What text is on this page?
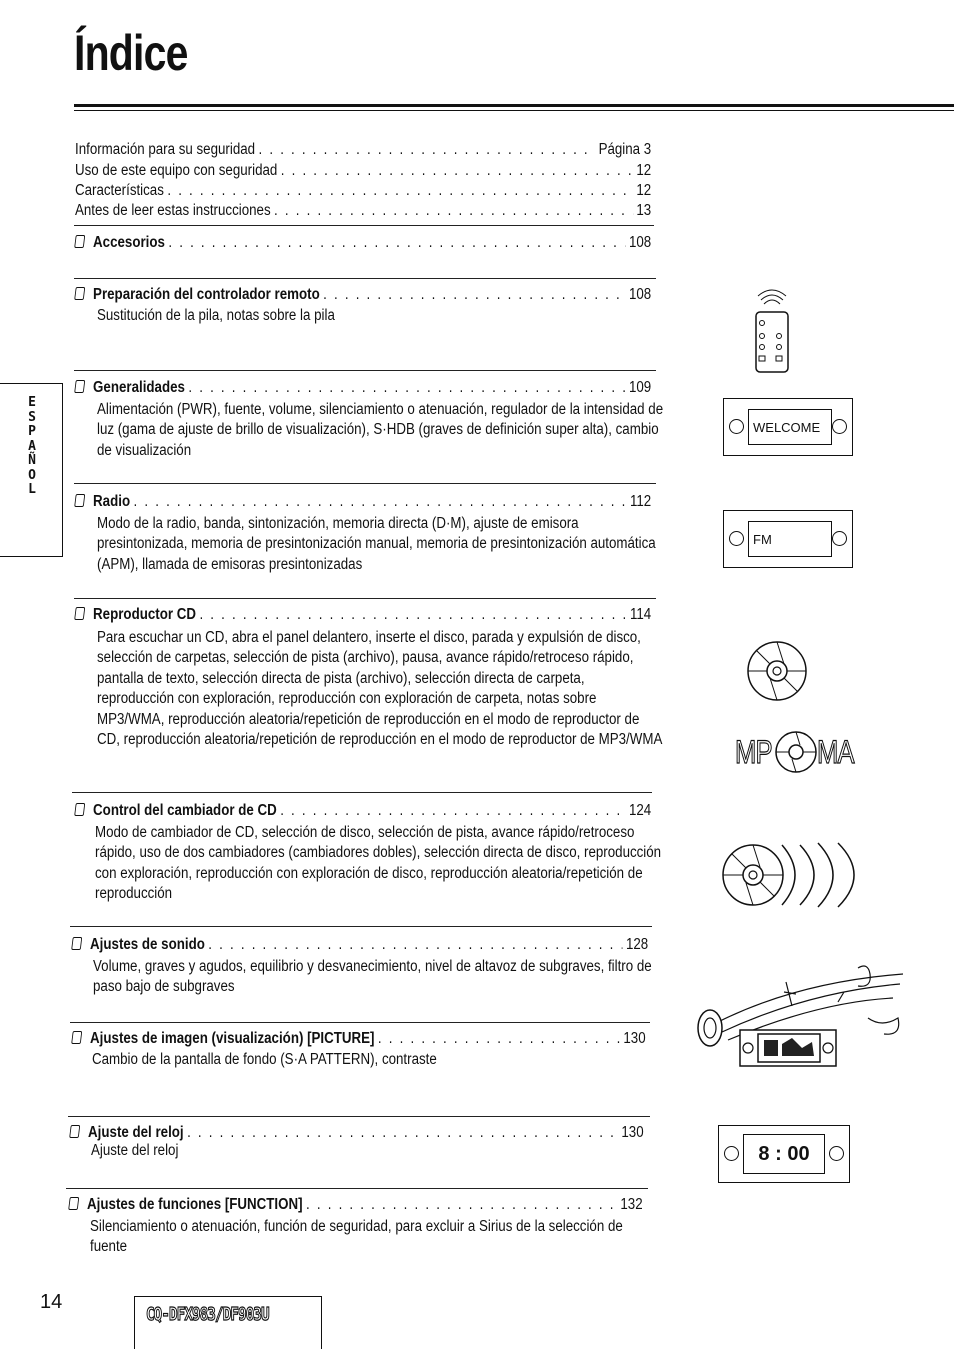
Índice
E
S
P
A
Ñ
O
L
Información para su seguridad . . .	Página 3
Uso de este equipo con seguridad . . .	12
Características . . .	12
Antes de leer estas instrucciones . . .	13
Accesorios . . .	108
Preparación del controlador remoto . . .	108
Sustitución de la pila, notas sobre la pila
Generalidades . . .	109
Alimentación (PWR), fuente, volume, silenciamiento o atenuación, regulador de la intensidad de luz (gama de ajuste de brillo de visualización), S·HDB (graves de definición super alta), cambio de visualización
Radio . . .	112
Modo de la radio, banda, sintonización, memoria directa (D·M), ajuste de emisora presintonizada, memoria de presintonización manual, memoria de presintonización automática (APM), llamada de emisoras presintonizadas
Reproductor CD . . .	114
Para escuchar un CD, abra el panel delantero, inserte el disco, parada y expulsión de disco, selección de carpetas, selección de pista (archivo), pausa, avance rápido/retroceso rápido, pantalla de texto, selección directa de pista (archivo), selección directa de carpeta, reproducción con exploración, reproducción con exploración de carpeta, notas sobre MP3/WMA, reproducción aleatoria/repetición de reproducción en el modo de reproductor de CD, reproducción aleatoria/repetición de reproducción en el modo de reproductor de MP3/WMA
Control del cambiador de CD . . .	124
Modo de cambiador de CD, selección de disco, selección de pista, avance rápido/retroceso rápido, uso de dos cambiadores (cambiadores dobles), selección directa de disco, reproducción con exploración, reproducción con exploración de disco, reproducción aleatoria/repetición de reproducción
Ajustes de sonido . . .	128
Volume, graves y agudos, equilibrio y desvanecimiento, nivel de altavoz de subgraves, filtro de paso bajo de subgraves
Ajustes de imagen (visualización) [PICTURE] . . .	130
Cambio de la pantalla de fondo (S·A PATTERN), contraste
Ajuste del reloj . . .	130
Ajuste del reloj
Ajustes de funciones [FUNCTION] . . .	132
Silenciamiento o atenuación, función de seguridad, para excluir a Sirius de la selección de fuente
WELCOME
FM
MP MA
8 : 00
14
CQ-DFX983/DF903U
